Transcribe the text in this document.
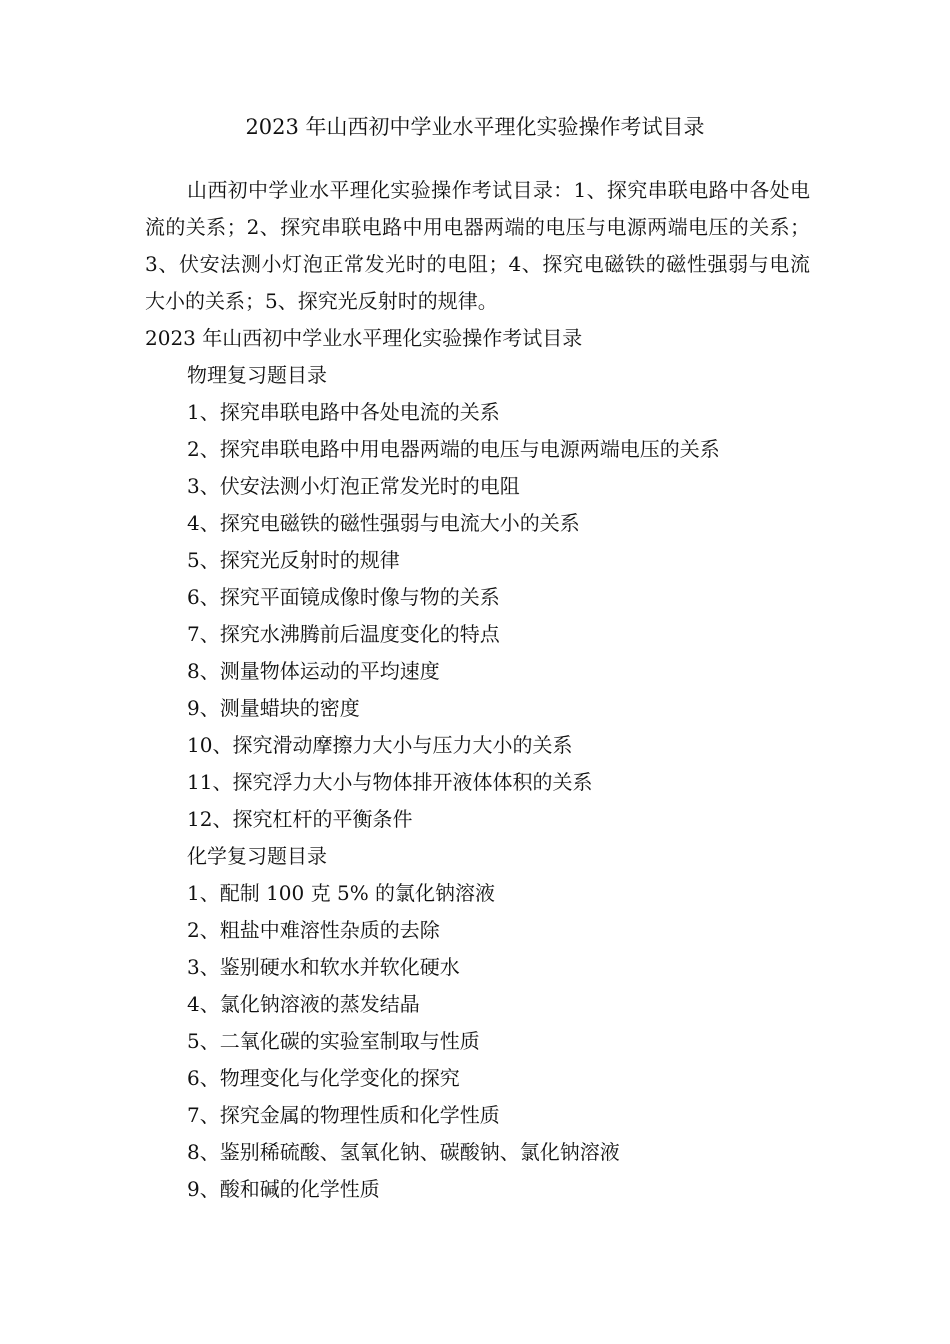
2023 年山西初中学业水平理化实验操作考试目录

山西初中学业水平理化实验操作考试目录：1、探究串联电路中各处电流的关系；2、探究串联电路中用电器两端的电压与电源两端电压的关系；3、伏安法测小灯泡正常发光时的电阻；4、探究电磁铁的磁性强弱与电流大小的关系；5、探究光反射时的规律。

2023 年山西初中学业水平理化实验操作考试目录
物理复习题目录
1、探究串联电路中各处电流的关系
2、探究串联电路中用电器两端的电压与电源两端电压的关系
3、伏安法测小灯泡正常发光时的电阻
4、探究电磁铁的磁性强弱与电流大小的关系
5、探究光反射时的规律
6、探究平面镜成像时像与物的关系
7、探究水沸腾前后温度变化的特点
8、测量物体运动的平均速度
9、测量蜡块的密度
10、探究滑动摩擦力大小与压力大小的关系
11、探究浮力大小与物体排开液体体积的关系
12、探究杠杆的平衡条件
化学复习题目录
1、配制 100 克 5% 的氯化钠溶液
2、粗盐中难溶性杂质的去除
3、鉴别硬水和软水并软化硬水
4、氯化钠溶液的蒸发结晶
5、二氧化碳的实验室制取与性质
6、物理变化与化学变化的探究
7、探究金属的物理性质和化学性质
8、鉴别稀硫酸、氢氧化钠、碳酸钠、氯化钠溶液
9、酸和碱的化学性质
